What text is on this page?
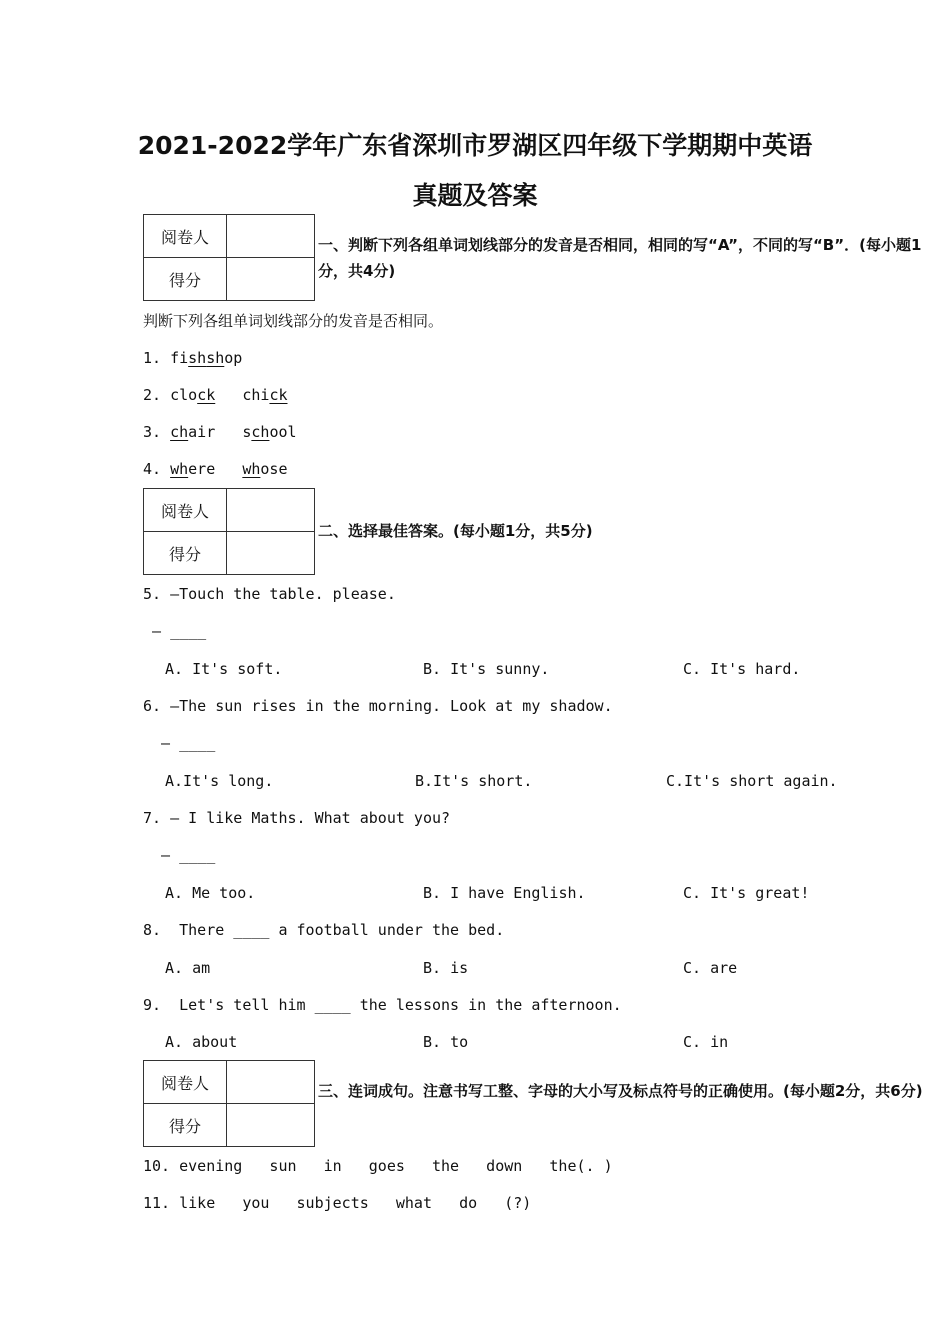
2021-2022学年广东省深圳市罗湖区四年级下学期期中英语
真题及答案
阅卷人	
得分	
一、判断下列各组单词划线部分的发音是否相同，相同的写“A”，不同的写“B”．(每小题1分，共4分)
判断下列各组单词划线部分的发音是否相同。
1. fishshop
2. clock chick
3. chair school
4. where whose
阅卷人	
得分	
二、选择最佳答案。(每小题1分，共5分)
5. —Touch the table. please.
— ____
A. It's soft.	B. It's sunny.	C. It's hard.
6. —The sun rises in the morning. Look at my shadow.
— ____
A.It's long.	B.It's short.	C.It's short again.
7. — I like Maths. What about you?
— ____
A. Me too.	B. I have English.	C. It's great!
8.  There ____ a football under the bed.
A. am	B. is	C. are
9.  Let's tell him ____ the lessons in the afternoon.
A. about	B. to	C. in
阅卷人	
得分	
三、连词成句。注意书写工整、字母的大小写及标点符号的正确使用。(每小题2分，共6分)
10. evening   sun   in   goes   the   down   the(. )
11. like   you   subjects   what   do   (?)
